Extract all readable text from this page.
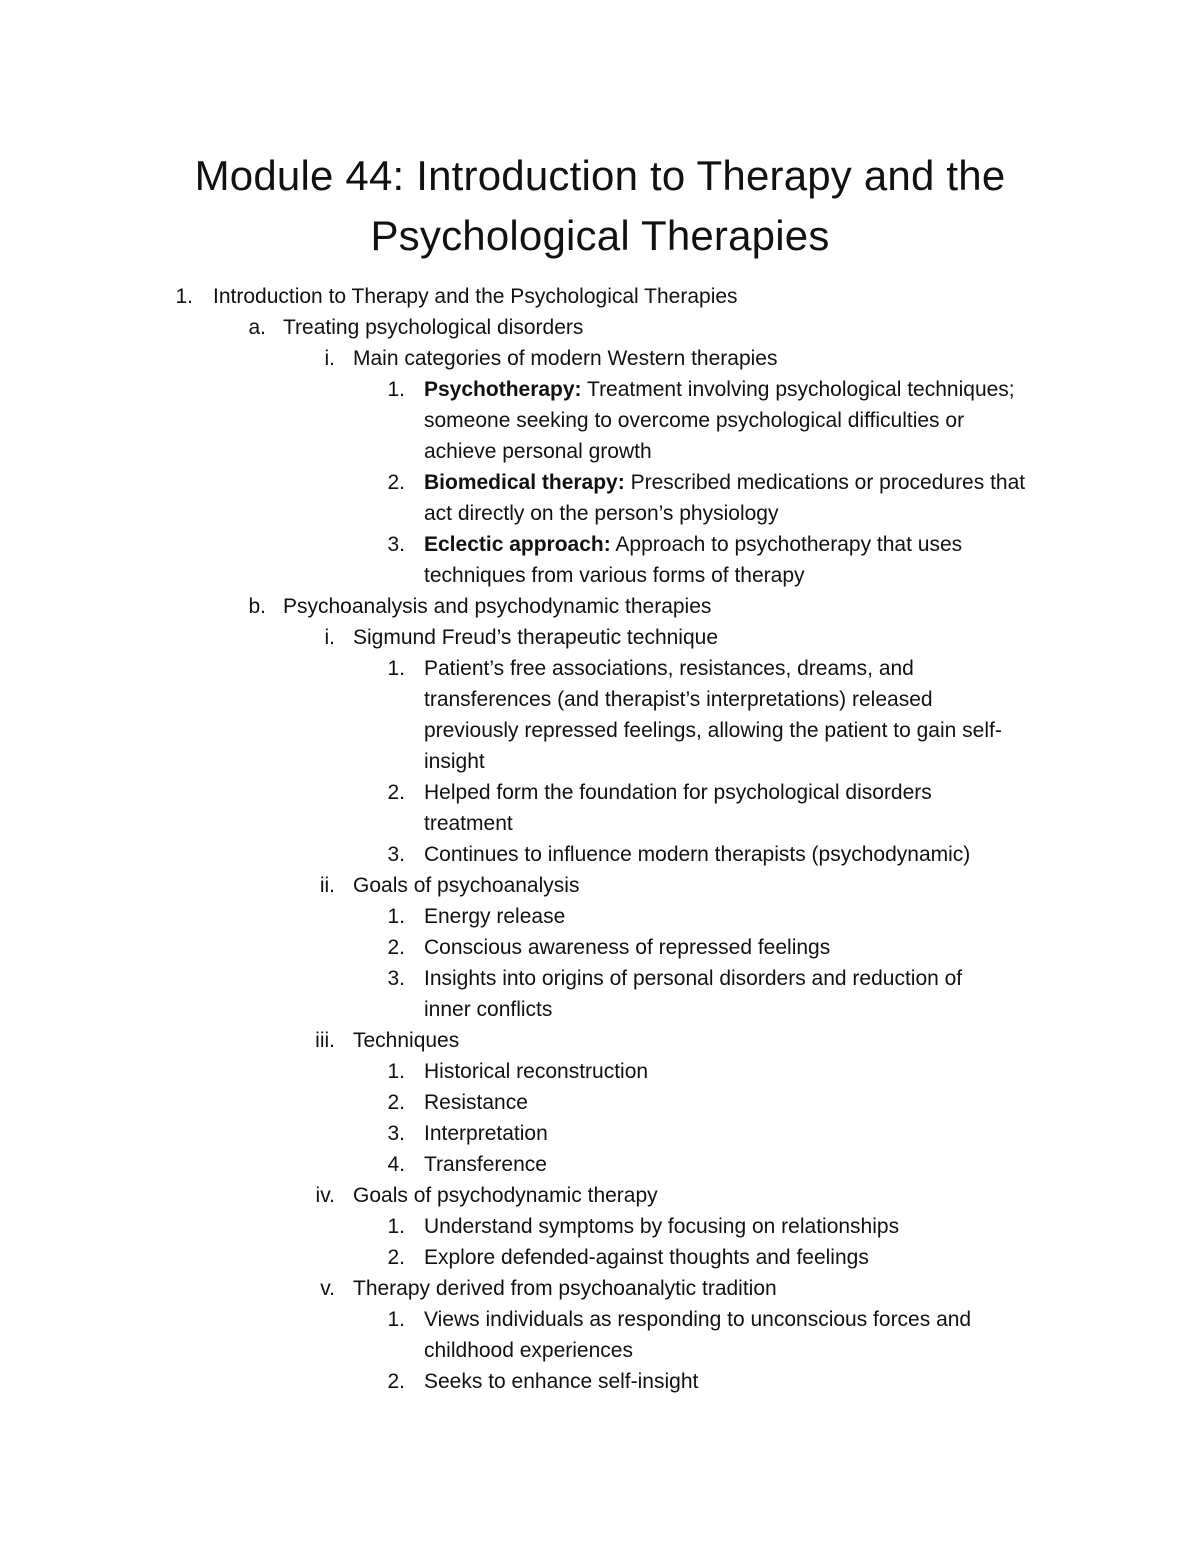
Module 44: Introduction to Therapy and the
Psychological Therapies
1. Introduction to Therapy and the Psychological Therapies
a. Treating psychological disorders
i. Main categories of modern Western therapies
1. Psychotherapy: Treatment involving psychological techniques;
someone seeking to overcome psychological difficulties or
achieve personal growth
2. Biomedical therapy: Prescribed medications or procedures that
act directly on the person’s physiology
3. Eclectic approach: Approach to psychotherapy that uses
techniques from various forms of therapy
b. Psychoanalysis and psychodynamic therapies
i. Sigmund Freud’s therapeutic technique
1. Patient’s free associations, resistances, dreams, and
transferences (and therapist’s interpretations) released
previously repressed feelings, allowing the patient to gain self-
insight
2. Helped form the foundation for psychological disorders
treatment
3. Continues to influence modern therapists (psychodynamic)
ii. Goals of psychoanalysis
1. Energy release
2. Conscious awareness of repressed feelings
3. Insights into origins of personal disorders and reduction of
inner conflicts
iii. Techniques
1. Historical reconstruction
2. Resistance
3. Interpretation
4. Transference
iv. Goals of psychodynamic therapy
1. Understand symptoms by focusing on relationships
2. Explore defended-against thoughts and feelings
v. Therapy derived from psychoanalytic tradition
1. Views individuals as responding to unconscious forces and
childhood experiences
2. Seeks to enhance self-insight
